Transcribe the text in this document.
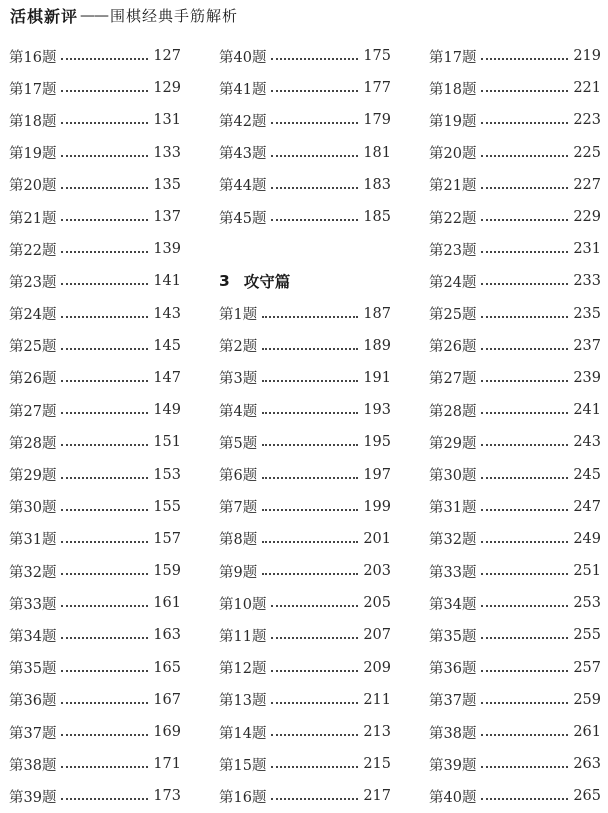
活棋新评 —— 围棋经典手筋解析
第16题	127
第17题	129
第18题	131
第19题	133
第20题	135
第21题	137
第22题	139
第23题	141
第24题	143
第25题	145
第26题	147
第27题	149
第28题	151
第29题	153
第30题	155
第31题	157
第32题	159
第33题	161
第34题	163
第35题	165
第36题	167
第37题	169
第38题	171
第39题	173
第40题	175
第41题	177
第42题	179
第43题	181
第44题	183
第45题	185
3 攻守篇
第1题	187
第2题	189
第3题	191
第4题	193
第5题	195
第6题	197
第7题	199
第8题	201
第9题	203
第10题	205
第11题	207
第12题	209
第13题	211
第14题	213
第15题	215
第16题	217
第17题	219
第18题	221
第19题	223
第20题	225
第21题	227
第22题	229
第23题	231
第24题	233
第25题	235
第26题	237
第27题	239
第28题	241
第29题	243
第30题	245
第31题	247
第32题	249
第33题	251
第34题	253
第35题	255
第36题	257
第37题	259
第38题	261
第39题	263
第40题	265
